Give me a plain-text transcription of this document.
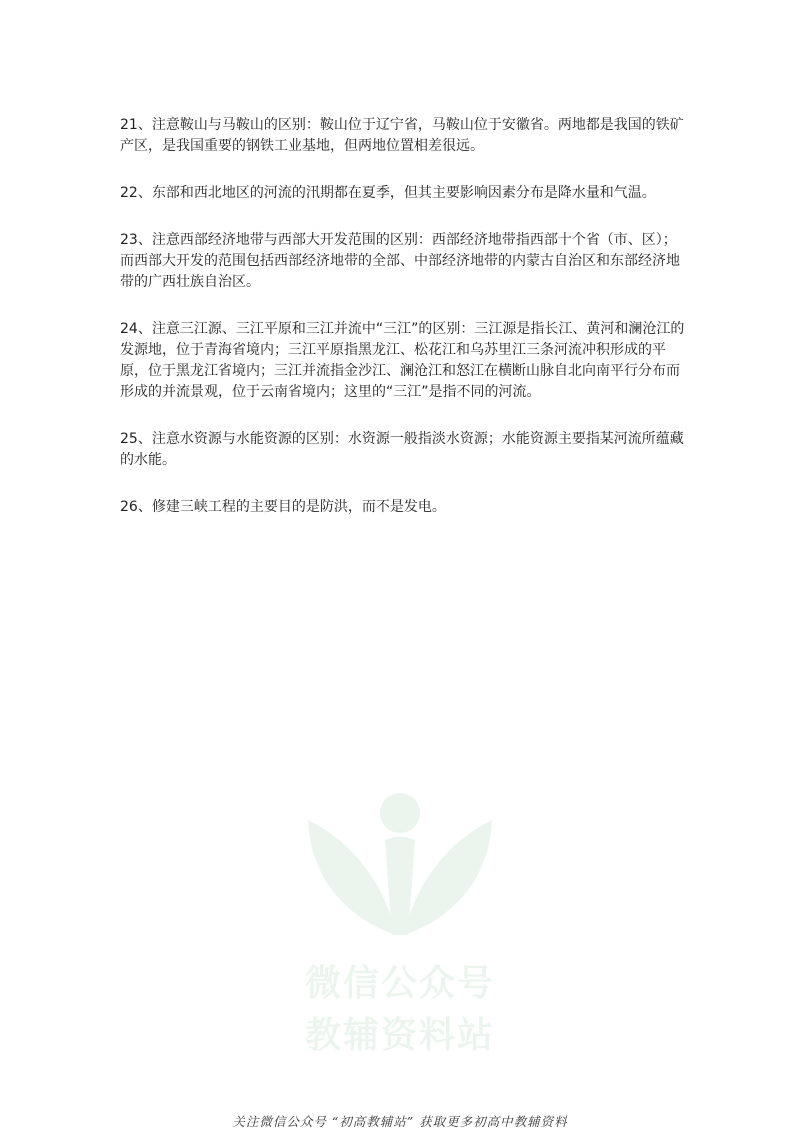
21、注意鞍山与马鞍山的区别：鞍山位于辽宁省，马鞍山位于安徽省。两地都是我国的铁矿产区，是我国重要的钢铁工业基地，但两地位置相差很远。

22、东部和西北地区的河流的汛期都在夏季，但其主要影响因素分布是降水量和气温。

23、注意西部经济地带与西部大开发范围的区别：西部经济地带指西部十个省（市、区）；而西部大开发的范围包括西部经济地带的全部、中部经济地带的内蒙古自治区和东部经济地带的广西壮族自治区。

24、注意三江源、三江平原和三江并流中“三江”的区别：三江源是指长江、黄河和澜沧江的发源地，位于青海省境内；三江平原指黑龙江、松花江和乌苏里江三条河流冲积形成的平原，位于黑龙江省境内；三江并流指金沙江、澜沧江和怒江在横断山脉自北向南平行分布而形成的并流景观，位于云南省境内；这里的“三江”是指不同的河流。

25、注意水资源与水能资源的区别：水资源一般指淡水资源；水能资源主要指某河流所蕴藏的水能。

26、修建三峡工程的主要目的是防洪，而不是发电。

微信公众号
教辅资料站
关注微信公众号 “初高教辅站” 获取更多初高中教辅资料
